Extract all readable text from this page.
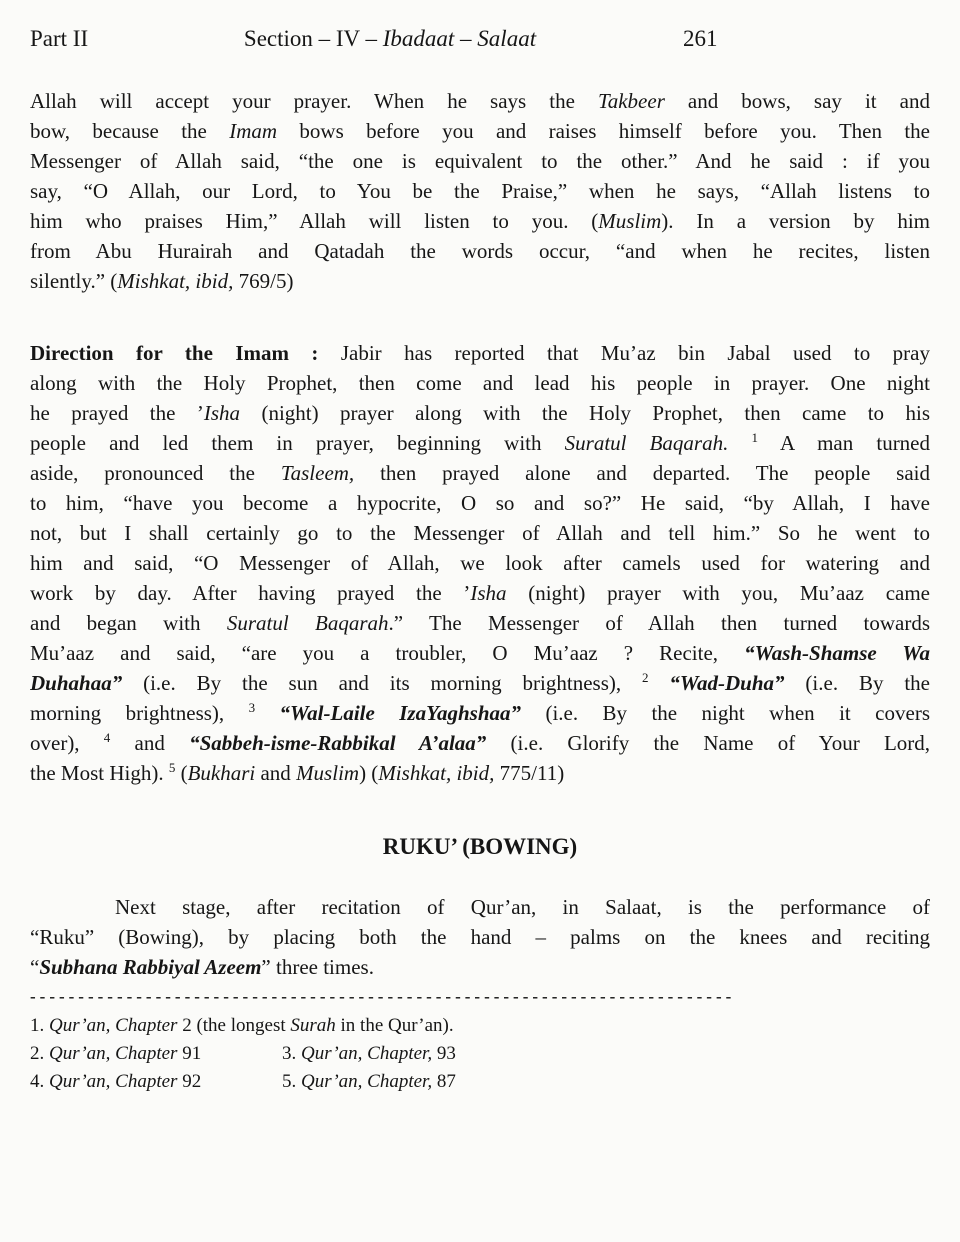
Part II	Section – IV – Ibadaat – Salaat	261
Allah will accept your prayer. When he says the Takbeer and bows, say it and
bow, because the Imam bows before you and raises himself before you. Then the
Messenger of Allah said, “the one is equivalent to the other.” And he said : if you
say, “O Allah, our Lord, to You be the Praise,” when he says, “Allah listens to
him who praises Him,” Allah will listen to you. (Muslim). In a version by him
from Abu Hurairah and Qatadah the words occur, “and when he recites, listen
silently.” (Mishkat, ibid, 769/5)
Direction for the Imam : Jabir has reported that Mu’az bin Jabal used to pray
along with the Holy Prophet, then come and lead his people in prayer. One night
he prayed the ’Isha (night) prayer along with the Holy Prophet, then came to his
people and led them in prayer, beginning with Suratul Baqarah. $^1$ A man turned
aside, pronounced the Tasleem, then prayed alone and departed. The people said
to him, “have you become a hypocrite, O so and so?” He said, “by Allah, I have
not, but I shall certainly go to the Messenger of Allah and tell him.” So he went to
him and said, “O Messenger of Allah, we look after camels used for watering and
work by day. After having prayed the ’Isha (night) prayer with you, Mu’aaz came
and began with Suratul Baqarah.” The Messenger of Allah then turned towards
Mu’aaz and said, “are you a troubler, O Mu’aaz ? Recite, “Wash-Shamse Wa
Duhahaa” (i.e. By the sun and its morning brightness), $^2$ “Wad-Duha” (i.e. By the
morning brightness), $^3$ “Wal-Laile IzaYaghshaa” (i.e. By the night when it covers
over), $^4$ and “Sabbeh-isme-Rabbikal A’alaa” (i.e. Glorify the Name of Your Lord,
the Most High). $^5$ (Bukhari and Muslim) (Mishkat, ibid, 775/11)
RUKU’ (BOWING)
Next stage, after recitation of Qur’an, in Salaat, is the performance of
“Ruku” (Bowing), by placing both the hand – palms on the knees and reciting
“Subhana Rabbiyal Azeem” three times.
-------------------------------------------------------------------------
1. Qur’an, Chapter 2 (the longest Surah in the Qur’an).
2. Qur’an, Chapter 91	3. Qur’an, Chapter, 93
4. Qur’an, Chapter 92	5. Qur’an, Chapter, 87
